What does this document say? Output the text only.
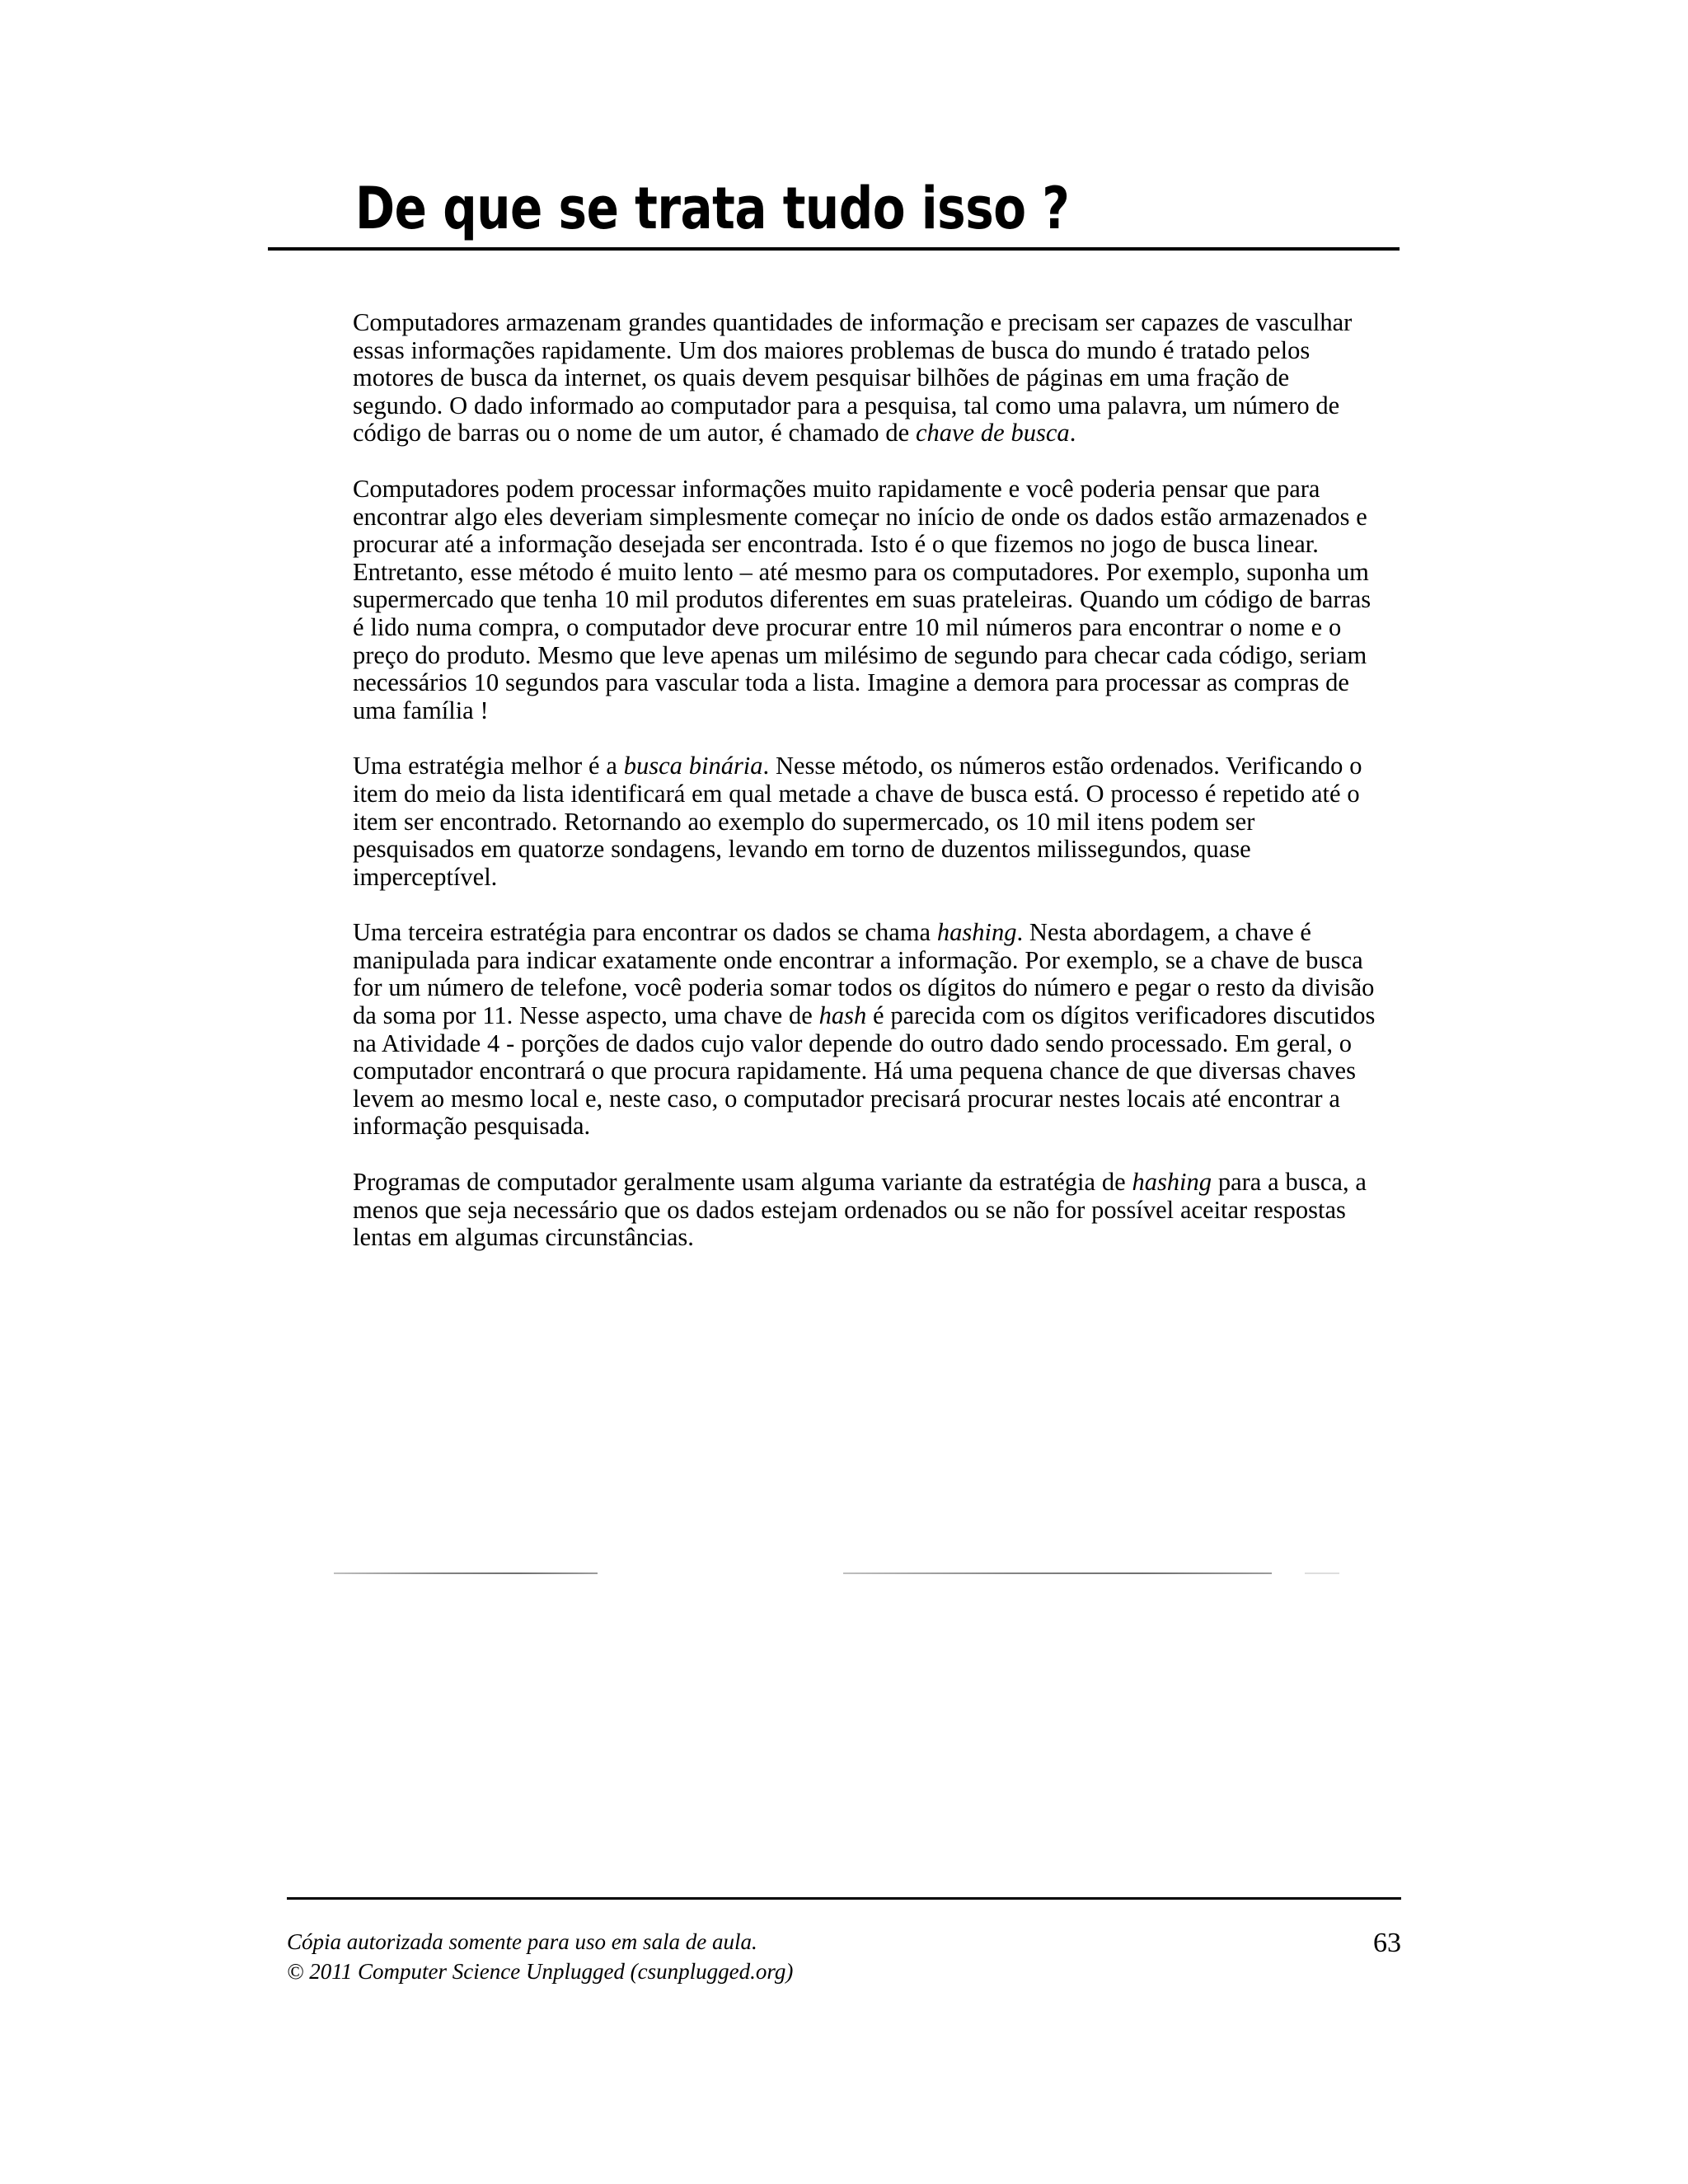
De que se trata tudo isso ?

Computadores armazenam grandes quantidades de informação e precisam ser capazes de vasculhar essas informações rapidamente. Um dos maiores problemas de busca do mundo é tratado pelos motores de busca da internet, os quais devem pesquisar bilhões de páginas em uma fração de segundo. O dado informado ao computador para a pesquisa, tal como uma palavra, um número de código de barras ou o nome de um autor, é chamado de chave de busca.

Computadores podem processar informações muito rapidamente e você poderia pensar que para encontrar algo eles deveriam simplesmente começar no início de onde os dados estão armazenados e procurar até a informação desejada ser encontrada. Isto é o que fizemos no jogo de busca linear. Entretanto, esse método é muito lento – até mesmo para os computadores. Por exemplo, suponha um supermercado que tenha 10 mil produtos diferentes em suas prateleiras. Quando um código de barras é lido numa compra, o computador deve procurar entre 10 mil números para encontrar o nome e o preço do produto. Mesmo que leve apenas um milésimo de segundo para checar cada código, seriam necessários 10 segundos para vascular toda a lista. Imagine a demora para processar as compras de uma família !

Uma estratégia melhor é a busca binária. Nesse método, os números estão ordenados. Verificando o item do meio da lista identificará em qual metade a chave de busca está. O processo é repetido até o item ser encontrado. Retornando ao exemplo do supermercado, os 10 mil itens podem ser pesquisados em quatorze sondagens, levando em torno de duzentos milissegundos, quase imperceptível.

Uma terceira estratégia para encontrar os dados se chama hashing. Nesta abordagem, a chave é manipulada para indicar exatamente onde encontrar a informação. Por exemplo, se a chave de busca for um número de telefone, você poderia somar todos os dígitos do número e pegar o resto da divisão da soma por 11. Nesse aspecto, uma chave de hash é parecida com os dígitos verificadores discutidos na Atividade 4 - porções de dados cujo valor depende do outro dado sendo processado. Em geral, o computador encontrará o que procura rapidamente. Há uma pequena chance de que diversas chaves levem ao mesmo local e, neste caso, o computador precisará procurar nestes locais até encontrar a informação pesquisada.

Programas de computador geralmente usam alguma variante da estratégia de hashing para a busca, a menos que seja necessário que os dados estejam ordenados ou se não for possível aceitar respostas lentas em algumas circunstâncias.

Cópia autorizada somente para uso em sala de aula.
© 2011 Computer Science Unplugged (csunplugged.org)
63
